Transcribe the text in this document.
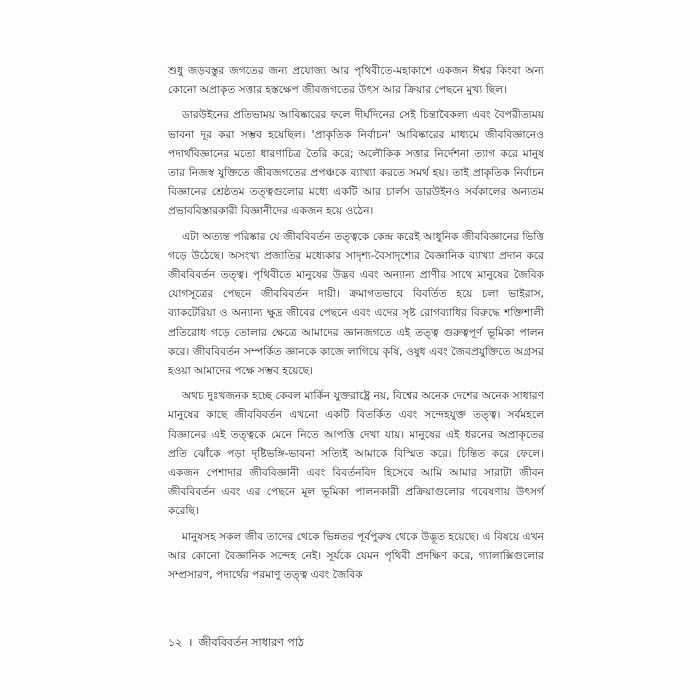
শুধু জড়বস্তুর জগতের জন্য প্রযোজ্য আর পৃথিবীতে-মহাকাশে একজন ঈশ্বর কিংবা অন্য কোনো অপ্রাকৃত সত্তার হস্তক্ষেপ জীবজগতের উৎস আর ক্রিয়ার পেছনে মুখ্য ছিল।

ডারউইনের প্রতিভাময় আবিষ্কারের ফলে দীর্ঘদিনের সেই চিন্তাবৈকল্য এবং বৈপরীত্যময় ভাবনা দূর করা সম্ভব হয়েছিল। 'প্রাকৃতিক নির্বাচন' আবিষ্কারের মাধ্যমে জীববিজ্ঞানেও পদার্থবিজ্ঞানের মতো ধারণাচিত্র তৈরি করে; অলৌকিক সত্তার নির্দেশনা ত্যাগ করে মানুষ তার নিজস্ব যুক্তিতে জীবজগতের প্রপঞ্চকে ব্যাখ্যা করতে সমর্থ হয়। তাই প্রাকৃতিক নির্বাচন বিজ্ঞানের শ্রেষ্ঠতম তত্ত্বগুলোর মধ্যে একটি আর চার্লস ডারউইনও সর্বকালের অন্যতম প্রভাববিস্তারকারী বিজ্ঞানীদের একজন হয়ে ওঠেন।

এটা অত্যন্ত পরিষ্কার যে জীববিবর্তন তত্ত্বকে কেন্দ্র করেই আধুনিক জীববিজ্ঞানের ভিত্তি গড়ে উঠেছে। অসংখ্য প্রজাতির মধ্যেকার সাদৃশ্য-বৈসাদৃশ্যের বৈজ্ঞানিক ব্যাখ্যা প্রদান করে জীববিবর্তন তত্ত্ব। পৃথিবীতে মানুষের উদ্ভব এবং অন্যান্য প্রাণীর সাথে মানুষের জৈবিক যোগসূত্রের পেছনে জীববিবর্তন দায়ী। ক্রমাগতভাবে বিবর্তিত হয়ে চলা ভাইরাস, ব্যাকটেরিয়া ও অন্যান্য ক্ষুদ্র জীবের পেছনে এবং এদের সৃষ্ট রোগব্যাধির বিরুদ্ধে শক্তিশালী প্রতিরোধ গড়ে তোলার ক্ষেত্রে আমাদের জ্ঞানজগতে এই তত্ত্ব গুরুত্বপূর্ণ ভূমিকা পালন করে। জীববিবর্তন সম্পর্কিত জ্ঞানকে কাজে লাগিয়ে কৃষি, ওষুধ এবং জৈবপ্রযুক্তিতে অগ্রসর হওয়া আমাদের পক্ষে সম্ভব হয়েছে।

অথচ দুঃখজনক হচ্ছে কেবল মার্কিন যুক্তরাষ্ট্রে নয়, বিশ্বের অনেক দেশের অনেক সাধারণ মানুষের কাছে জীববিবর্তন এখনো একটি বিতর্কিত এবং সন্দেহযুক্ত তত্ত্ব। সর্বমহলে বিজ্ঞানের এই তত্ত্বকে মেনে নিতে আপত্তি দেখা যায়। মানুষের এই ধরনের অপ্রাকৃতের প্রতি ঝোঁকে পড়া দৃষ্টিভঙ্গি-ভাবনা সত্যিই আমাকে বিস্মিত করে। চিন্তিত করে ফেলে। একজন পেশাদার জীববিজ্ঞানী এবং বিবর্তনবিদ হিসেবে আমি আমার সারাটা জীবন জীববিবর্তন এবং এর পেছনে মূল ভূমিকা পালনকারী প্রক্রিয়াগুলোর গবেষণায় উৎসর্গ করেছি।

মানুষসহ সকল জীব তাদের থেকে ভিন্নতর পূর্বপুরুষ থেকে উদ্ভূত হয়েছে। এ বিষয়ে এখন আর কোনো বৈজ্ঞানিক সন্দেহ নেই। সূর্যকে যেমন পৃথিবী প্রদক্ষিণ করে, গ্যালাক্সিগুলোর সম্প্রসারণ, পদার্থের পরমাণু তত্ত্ব এবং জৈবিক

১২ । জীববিবর্তন সাধারণ পাঠ
